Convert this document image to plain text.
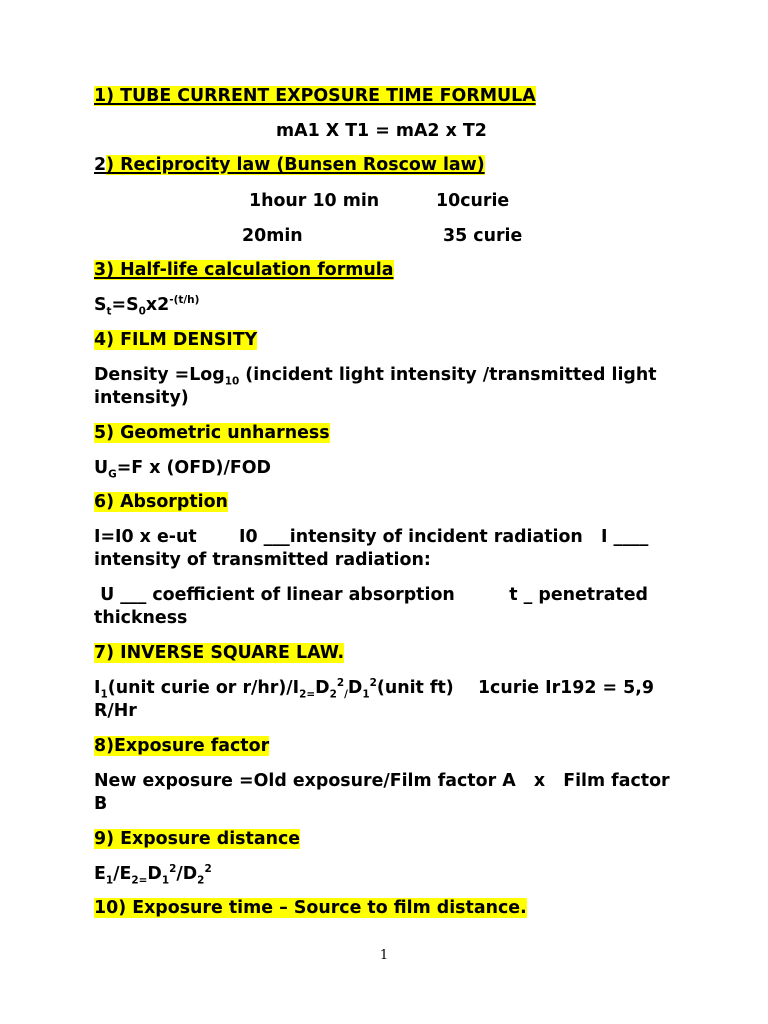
1) TUBE CURRENT EXPOSURE TIME FORMULA
mA1 X T1 = mA2 x T2
2) Reciprocity law (Bunsen Roscow law)
1hour 10 min	10curie
20min	35 curie
3) Half-life calculation formula
$S_t=S_0x2^{-(t/h)}$
4) FILM DENSITY
Density =Log$_{10}$ (incident light intensity /transmitted light intensity)
5) Geometric unharness
$U_G=F$ x (OFD)/FOD
6) Absorption
I=I0 x e-ut       I0 ___intensity of incident radiation   I ____ intensity of transmitted radiation:
U ___ coefficient of linear absorption         t _ penetrated thickness
7) INVERSE SQUARE LAW.
$I_1(unit$ curie or $r/hr)/I_{2=}D_2^2_/D_1^2(unit$ ft)    1curie Ir192 = 5,9 R/Hr
8)Exposure factor
New exposure =Old exposure/Film factor A   x   Film factor B
9) Exposure distance
$E_1/E_{2=}D_1^2/D_2^2$
10) Exposure time – Source to film distance.
1
